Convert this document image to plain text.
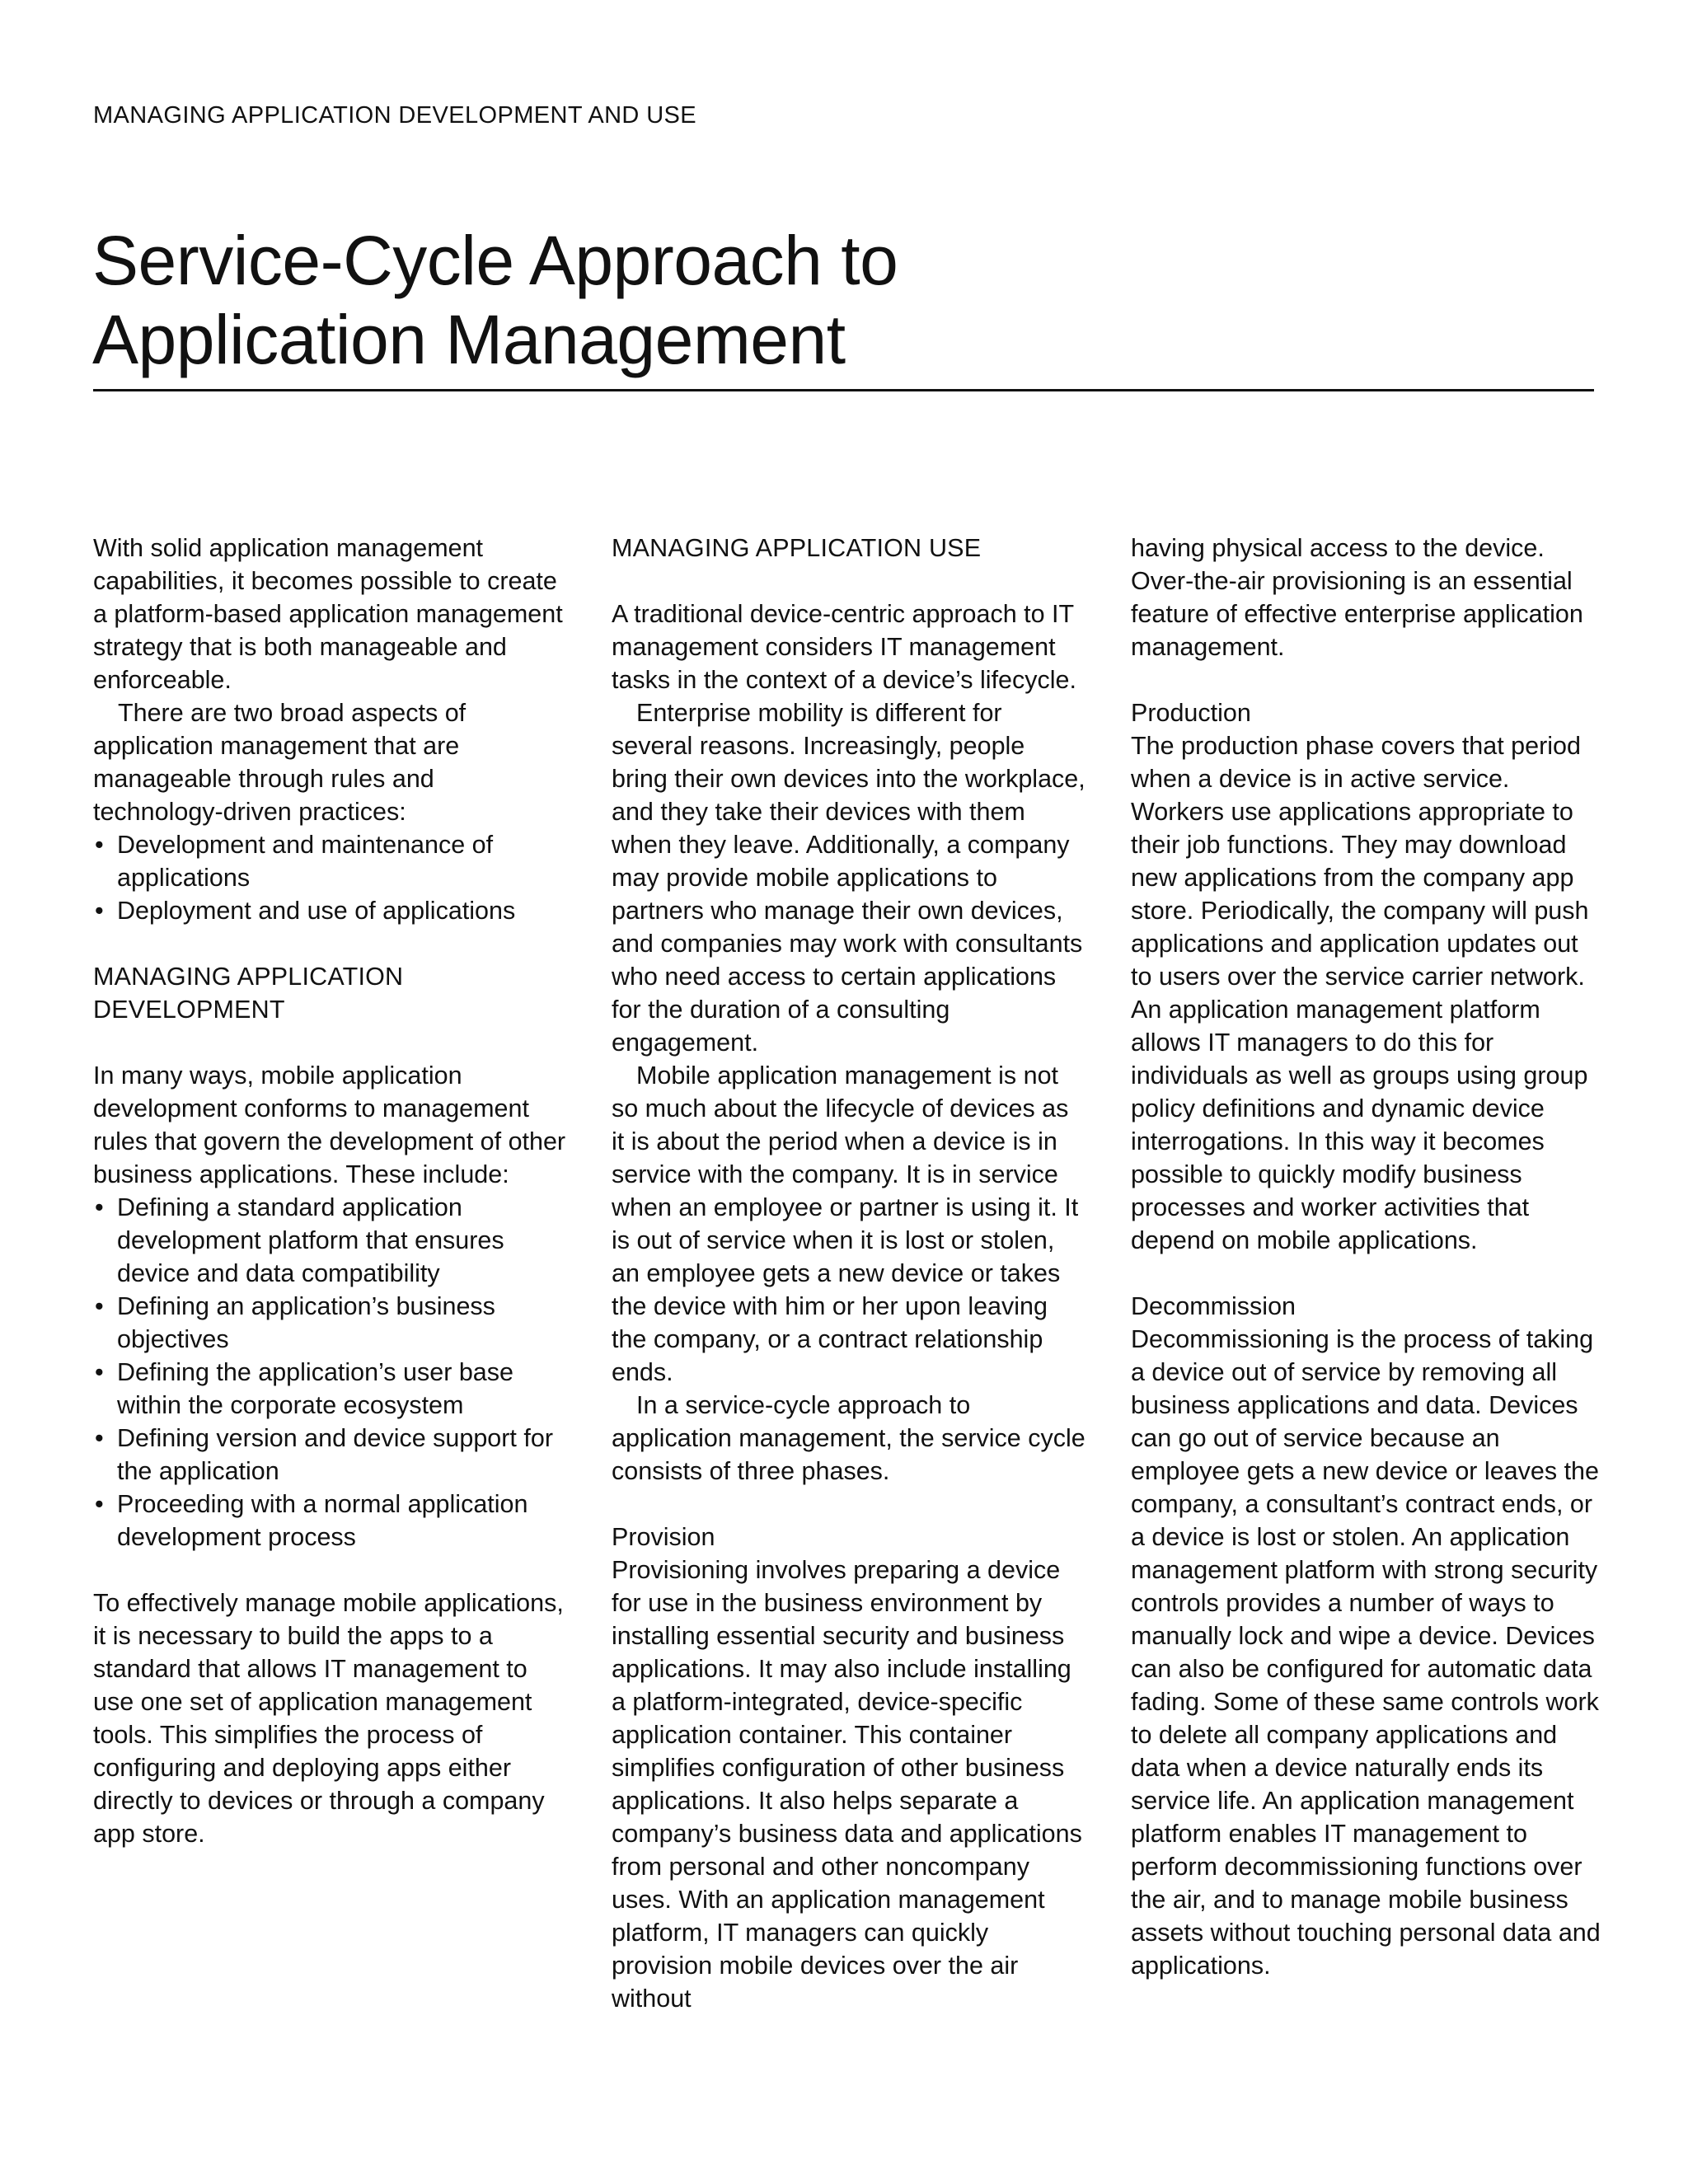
MANAGING APPLICATION DEVELOPMENT AND USE
Service-Cycle Approach to
Application Management

With solid application management capabilities, it becomes possible to create a platform-based application management strategy that is both manageable and enforceable.

There are two broad aspects of application management that are manageable through rules and technology-driven practices:

• Development and maintenance of applications
• Deployment and use of applications
MANAGING APPLICATION
DEVELOPMENT

In many ways, mobile application development conforms to management rules that govern the development of other business applications. These include:

• Defining a standard application development platform that ensures device and data compatibility
• Defining an application’s business objectives
• Defining the application’s user base within the corporate ecosystem
• Defining version and device support for the application
• Proceeding with a normal application development process

To effectively manage mobile applications, it is necessary to build the apps to a standard that allows IT management to use one set of application management tools. This simplifies the process of configuring and deploying apps either directly to devices or through a company app store.

MANAGING APPLICATION USE

A traditional device-centric approach to IT management considers IT management tasks in the context of a device’s lifecycle.

Enterprise mobility is different for several reasons. Increasingly, people bring their own devices into the workplace, and they take their devices with them when they leave. Additionally, a company may provide mobile applications to partners who manage their own devices, and companies may work with consultants who need access to certain applications for the duration of a consulting engagement.

Mobile application management is not so much about the lifecycle of devices as it is about the period when a device is in service with the company. It is in service when an employee or partner is using it. It is out of service when it is lost or stolen, an employee gets a new device or takes the device with him or her upon leaving the company, or a contract relationship ends.

In a service-cycle approach to application management, the service cycle consists of three phases.

Provision

Provisioning involves preparing a device for use in the business environment by installing essential security and business applications. It may also include installing a platform-integrated, device-specific application container. This container simplifies configuration of other business applications. It also helps separate a company’s business data and applications from personal and other noncompany uses. With an application management platform, IT managers can quickly provision mobile devices over the air without

having physical access to the device. Over-the-air provisioning is an essential feature of effective enterprise application management.

Production

The production phase covers that period when a device is in active service. Workers use applications appropriate to their job functions. They may download new applications from the company app store. Periodically, the company will push applications and application updates out to users over the service carrier network. An application management platform allows IT managers to do this for individuals as well as groups using group policy definitions and dynamic device interrogations. In this way it becomes possible to quickly modify business processes and worker activities that depend on mobile applications.

Decommission

Decommissioning is the process of taking a device out of service by removing all business applications and data. Devices can go out of service because an employee gets a new device or leaves the company, a consultant’s contract ends, or a device is lost or stolen. An application management platform with strong security controls provides a number of ways to manually lock and wipe a device. Devices can also be configured for automatic data fading. Some of these same controls work to delete all company applications and data when a device naturally ends its service life. An application management platform enables IT management to perform decommissioning functions over the air, and to manage mobile business assets without touching personal data and applications.
